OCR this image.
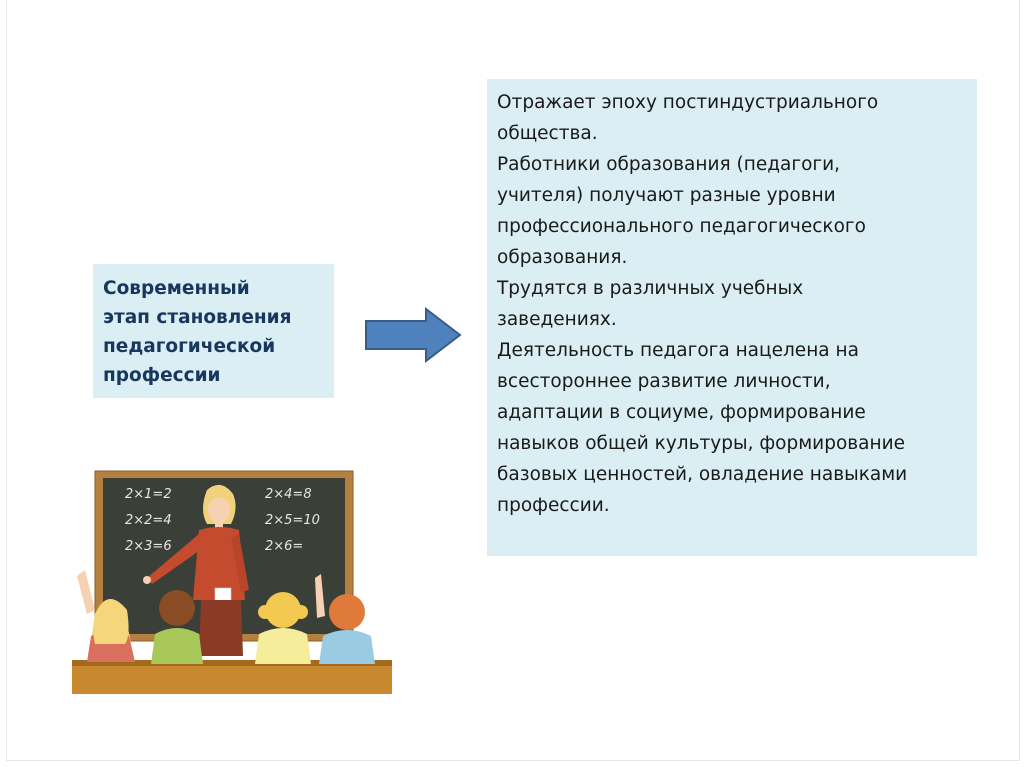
Современный
этап становления
педагогической
профессии
Отражает эпоху постиндустриального
общества.
Работники образования (педагоги,
учителя) получают разные уровни
профессионального педагогического
образования.
Трудятся в различных учебных
заведениях.
Деятельность педагога нацелена на
всестороннее развитие личности,
адаптации в социуме, формирование
навыков общей культуры, формирование
базовых ценностей, овладение навыками
профессии.
2×1=2
2×2=4
2×3=6
2×4=8
2×5=10
2×6=
